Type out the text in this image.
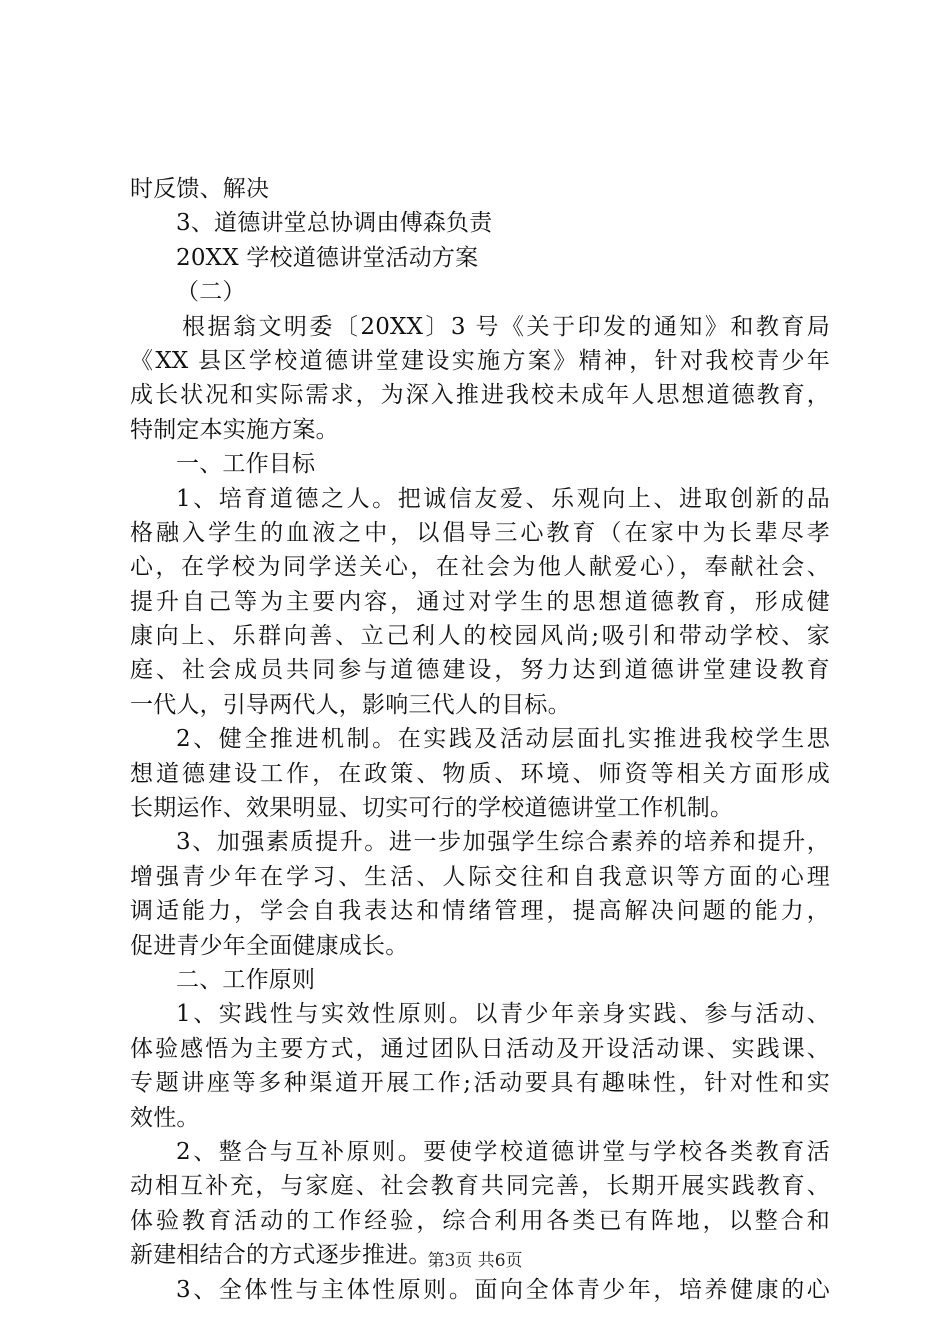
时反馈、解决
3、道德讲堂总协调由傅森负责
20XX 学校道德讲堂活动方案
（二）
根据翁文明委〔20XX〕3 号《关于印发的通知》和教育局
《XX 县区学校道德讲堂建设实施方案》精神，针对我校青少年
成长状况和实际需求，为深入推进我校未成年人思想道德教育，
特制定本实施方案。
一、工作目标
1、培育道德之人。把诚信友爱、乐观向上、进取创新的品
格融入学生的血液之中，以倡导三心教育（在家中为长辈尽孝
心，在学校为同学送关心，在社会为他人献爱心），奉献社会、
提升自己等为主要内容，通过对学生的思想道德教育，形成健
康向上、乐群向善、立己利人的校园风尚;吸引和带动学校、家
庭、社会成员共同参与道德建设，努力达到道德讲堂建设教育
一代人，引导两代人，影响三代人的目标。
2、健全推进机制。在实践及活动层面扎实推进我校学生思
想道德建设工作，在政策、物质、环境、师资等相关方面形成
长期运作、效果明显、切实可行的学校道德讲堂工作机制。
3、加强素质提升。进一步加强学生综合素养的培养和提升，
增强青少年在学习、生活、人际交往和自我意识等方面的心理
调适能力，学会自我表达和情绪管理，提高解决问题的能力，
促进青少年全面健康成长。
二、工作原则
1、实践性与实效性原则。以青少年亲身实践、参与活动、
体验感悟为主要方式，通过团队日活动及开设活动课、实践课、
专题讲座等多种渠道开展工作;活动要具有趣味性，针对性和实
效性。
2、整合与互补原则。要使学校道德讲堂与学校各类教育活
动相互补充，与家庭、社会教育共同完善，长期开展实践教育、
体验教育活动的工作经验，综合利用各类已有阵地，以整合和
新建相结合的方式逐步推进。
3、全体性与主体性原则。面向全体青少年，培养健康的心
第3页 共6页
